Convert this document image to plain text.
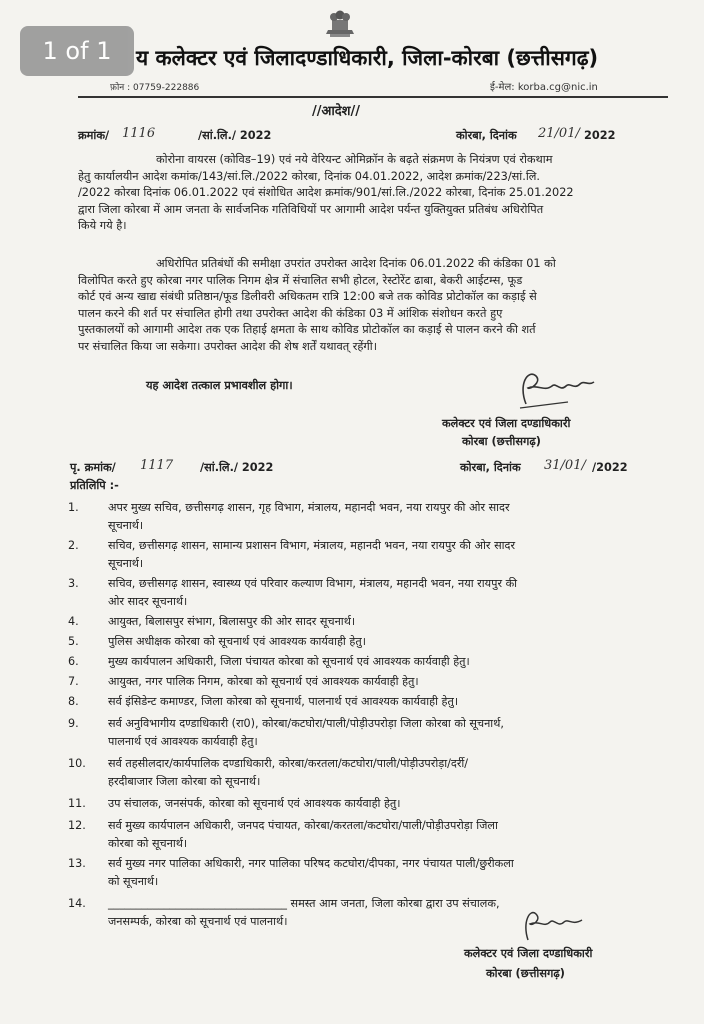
1 of 1	य कलेक्टर एवं जिलादण्डाधिकारी, जिला-कोरबा (छत्तीसगढ़)
फ़ोन : 07759-222886	ई-मेल: korba.cg@nic.in
//आदेश//
क्रमांक/ 1116	/सां.लि./ 2022	कोरबा, दिनांक 21/01/ 2022
कोरोना वायरस (कोविड–19) एवं नये वेरियन्ट ओमिक्रॉन के बढ़ते संक्रमण के नियंत्रण एवं रोकथाम
हेतु कार्यालयीन आदेश कमांक/143/सां.लि./2022 कोरबा, दिनांक 04.01.2022, आदेश क्रमांक/223/सां.लि.
/2022 कोरबा दिनांक 06.01.2022 एवं संशोधित आदेश क्रमांक/901/सां.लि./2022 कोरबा, दिनांक 25.01.2022
द्वारा जिला कोरबा में आम जनता के सार्वजनिक गतिविधियों पर आगामी आदेश पर्यन्त युक्तियुक्त प्रतिबंध अधिरोपित
किये गये है।
अधिरोपित प्रतिबंधों की समीक्षा उपरांत उपरोक्त आदेश दिनांक 06.01.2022 की कंडिका 01 को
विलोपित करते हुए कोरबा नगर पालिक निगम क्षेत्र में संचालित सभी होटल, रेस्टोरेंट ढाबा, बेकरी आईटम्स, फूड
कोर्ट एवं अन्य खाद्य संबंधी प्रतिष्ठान/फूड डिलीवरी अधिकतम रात्रि 12:00 बजे तक कोविड प्रोटोकॉल का कड़ाई से
पालन करने की शर्त पर संचालित होगी तथा उपरोक्त आदेश की कंडिका 03 में आंशिक संशोधन करते हुए
पुस्तकालयों को आगामी आदेश तक एक तिहाई क्षमता के साथ कोविड प्रोटोकॉल का कड़ाई से पालन करने की शर्त
पर संचालित किया जा सकेगा। उपरोक्त आदेश की शेष शर्तें यथावत् रहेंगी।
यह आदेश तत्काल प्रभावशील होगा।
कलेक्टर एवं जिला दण्डाधिकारी
कोरबा (छत्तीसगढ़)
पृ. क्रमांक/ 1117 /सां.लि./ 2022	कोरबा, दिनांक 31/01/ /2022
प्रतिलिपि :-
1.	अपर मुख्य सचिव, छत्तीसगढ़ शासन, गृह विभाग, मंत्रालय, महानदी भवन, नया रायपुर की ओर सादर
सूचनार्थ।
2.	सचिव, छत्तीसगढ़ शासन, सामान्य प्रशासन विभाग, मंत्रालय, महानदी भवन, नया रायपुर की ओर सादर
सूचनार्थ।
3.	सचिव, छत्तीसगढ़ शासन, स्वास्थ्य एवं परिवार कल्याण विभाग, मंत्रालय, महानदी भवन, नया रायपुर की
ओर सादर सूचनार्थ।
4.	आयुक्त, बिलासपुर संभाग, बिलासपुर की ओर सादर सूचनार्थ।
5.	पुलिस अधीक्षक कोरबा को सूचनार्थ एवं आवश्यक कार्यवाही हेतु।
6.	मुख्य कार्यपालन अधिकारी, जिला पंचायत कोरबा को सूचनार्थ एवं आवश्यक कार्यवाही हेतु।
7.	आयुक्त, नगर पालिक निगम, कोरबा को सूचनार्थ एवं आवश्यक कार्यवाही हेतु।
8.	सर्व इंसिडेन्ट कमाण्डर, जिला कोरबा को सूचनार्थ, पालनार्थ एवं आवश्यक कार्यवाही हेतु।
9.	सर्व अनुविभागीय दण्डाधिकारी (रा0), कोरबा/कटघोरा/पाली/पोड़ीउपरोड़ा जिला कोरबा को सूचनार्थ,
पालनार्थ एवं आवश्यक कार्यवाही हेतु।
10.	सर्व तहसीलदार/कार्यपालिक दण्डाधिकारी, कोरबा/करतला/कटघोरा/पाली/पोड़ीउपरोड़ा/दर्री/
हरदीबाजार जिला कोरबा को सूचनार्थ।
11.	उप संचालक, जनसंपर्क, कोरबा को सूचनार्थ एवं आवश्यक कार्यवाही हेतु।
12.	सर्व मुख्य कार्यपालन अधिकारी, जनपद पंचायत, कोरबा/करतला/कटघोरा/पाली/पोड़ीउपरोड़ा जिला
कोरबा को सूचनार्थ।
13.	सर्व मुख्य नगर पालिका अधिकारी, नगर पालिका परिषद कटघोरा/दीपका, नगर पंचायत पाली/छुरीकला
को सूचनार्थ।
14.	________________________________ समस्त आम जनता, जिला कोरबा द्वारा उप संचालक,
जनसम्पर्क, कोरबा को सूचनार्थ एवं पालनार्थ।
कलेक्टर एवं जिला दण्डाधिकारी
कोरबा (छत्तीसगढ़)
